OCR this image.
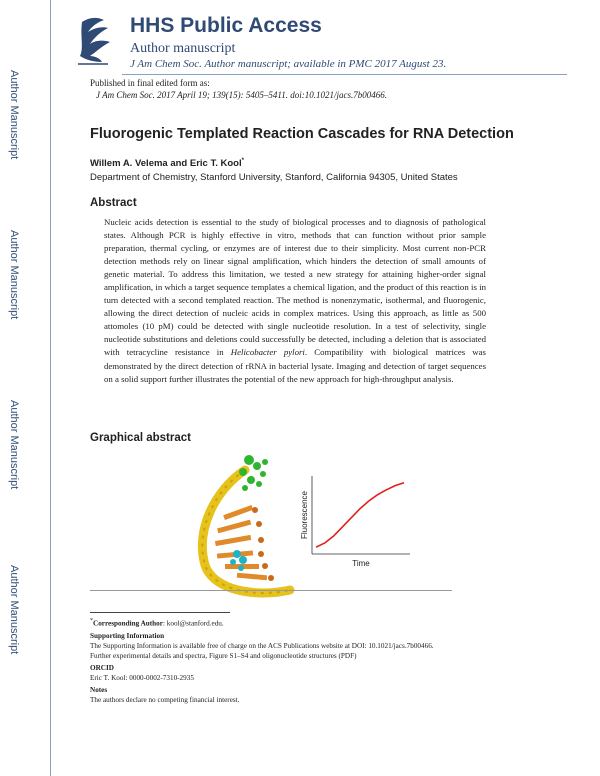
Author Manuscript
Author Manuscript
Author Manuscript
Author Manuscript
HHS Public Access
Author manuscript
J Am Chem Soc. Author manuscript; available in PMC 2017 August 23.
Published in final edited form as:
J Am Chem Soc. 2017 April 19; 139(15): 5405–5411. doi:10.1021/jacs.7b00466.
Fluorogenic Templated Reaction Cascades for RNA Detection
Willem A. Velema and Eric T. Kool*
Department of Chemistry, Stanford University, Stanford, California 94305, United States
Abstract
Nucleic acids detection is essential to the study of biological processes and to diagnosis of pathological states. Although PCR is highly effective in vitro, methods that can function without prior sample preparation, thermal cycling, or enzymes are of interest due to their simplicity. Most current non-PCR detection methods rely on linear signal amplification, which hinders the detection of small amounts of genetic material. To address this limitation, we tested a new strategy for attaining higher-order signal amplification, in which a target sequence templates a chemical ligation, and the product of this reaction is in turn detected with a second templated reaction. The method is nonenzymatic, isothermal, and fluorogenic, allowing the direct detection of nucleic acids in complex matrices. Using this approach, as little as 500 attomoles (10 pM) could be detected with single nucleotide resolution. In a test of selectivity, single nucleotide substitutions and deletions could successfully be detected, including a deletion that is associated with tetracycline resistance in Helicobacter pylori. Compatibility with biological matrices was demonstrated by the direct detection of rRNA in bacterial lysate. Imaging and detection of target sequences on a solid support further illustrates the potential of the new approach for high-throughput analysis.
Graphical abstract
Time
Fluorescence
*Corresponding Author: kool@stanford.edu.
Supporting Information
The Supporting Information is available free of charge on the ACS Publications website at DOI: 10.1021/jacs.7b00466.
Further experimental details and spectra, Figure S1–S4 and oligonucleotide structures (PDF)
ORCID
Eric T. Kool: 0000-0002-7310-2935
Notes
The authors declare no competing financial interest.
